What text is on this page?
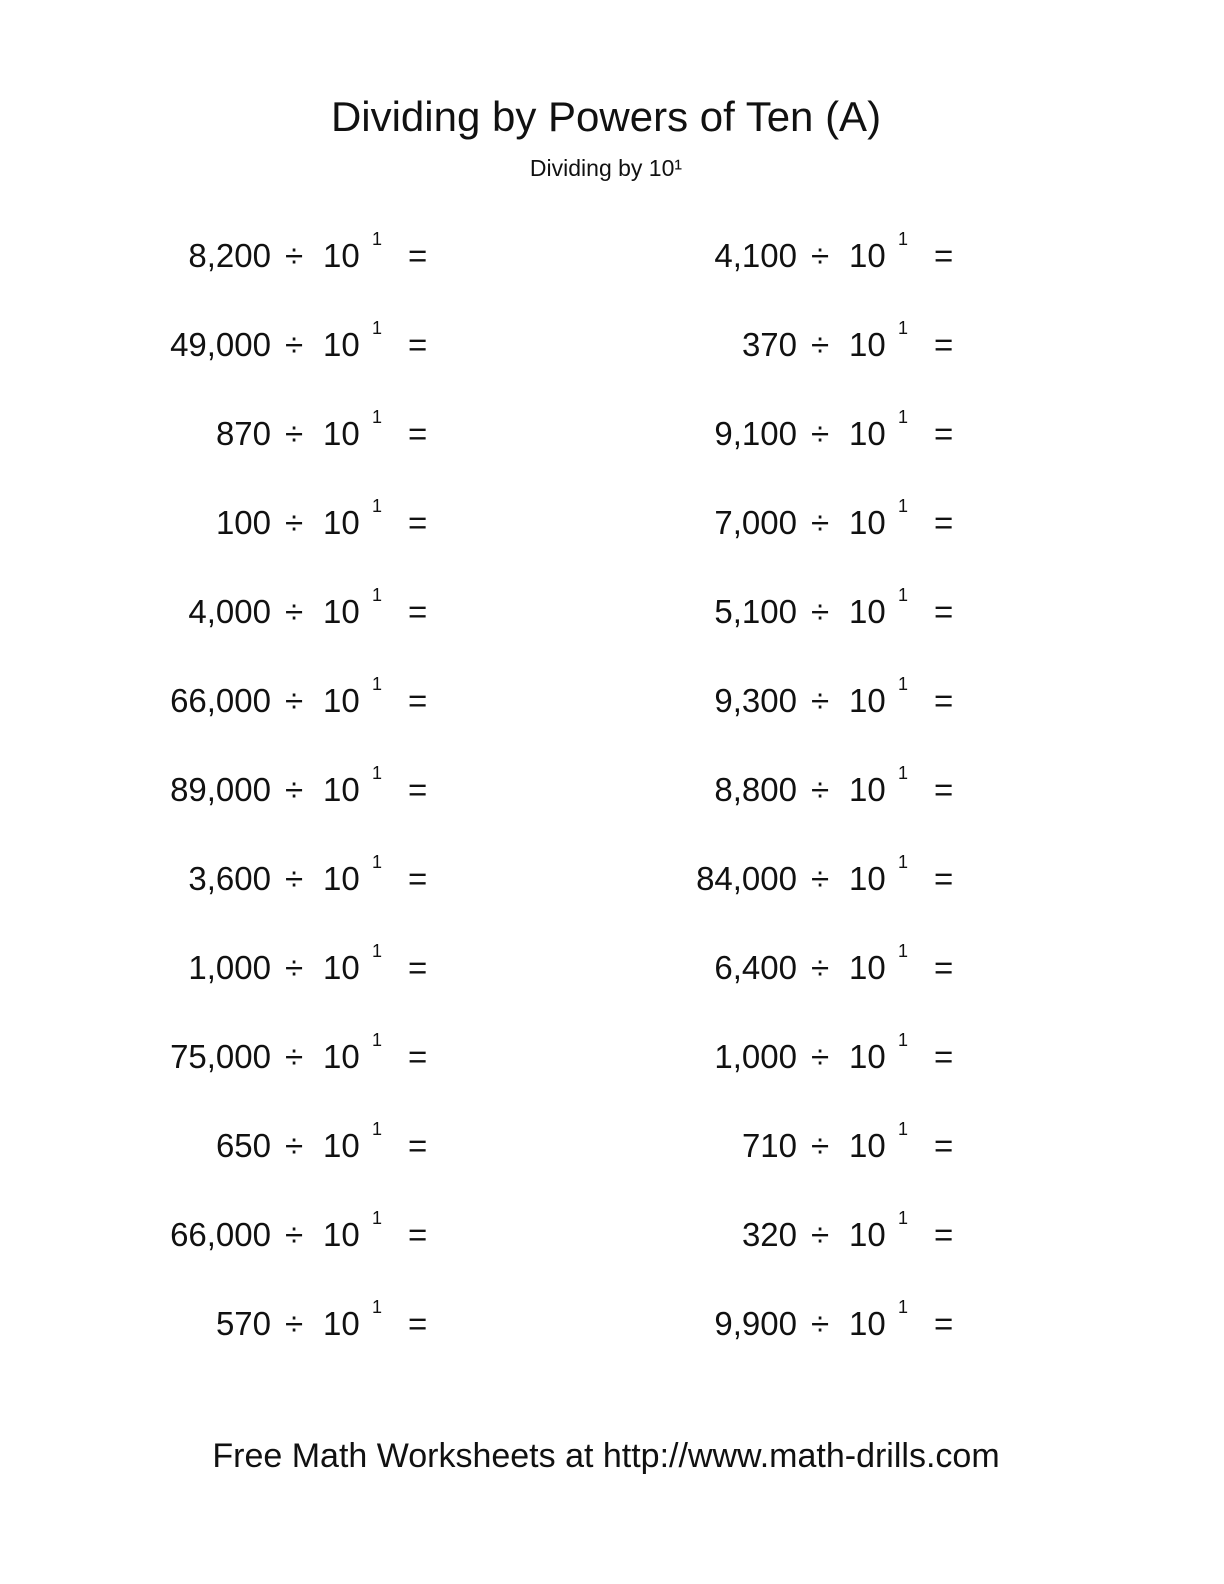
Dividing by Powers of Ten (A)
Dividing by 10¹
8,200 ÷ 10 1 =
49,000 ÷ 10 1 =
870 ÷ 10 1 =
100 ÷ 10 1 =
4,000 ÷ 10 1 =
66,000 ÷ 10 1 =
89,000 ÷ 10 1 =
3,600 ÷ 10 1 =
1,000 ÷ 10 1 =
75,000 ÷ 10 1 =
650 ÷ 10 1 =
66,000 ÷ 10 1 =
570 ÷ 10 1 =
4,100 ÷ 10 1 =
370 ÷ 10 1 =
9,100 ÷ 10 1 =
7,000 ÷ 10 1 =
5,100 ÷ 10 1 =
9,300 ÷ 10 1 =
8,800 ÷ 10 1 =
84,000 ÷ 10 1 =
6,400 ÷ 10 1 =
1,000 ÷ 10 1 =
710 ÷ 10 1 =
320 ÷ 10 1 =
9,900 ÷ 10 1 =
Free Math Worksheets at http://www.math-drills.com
